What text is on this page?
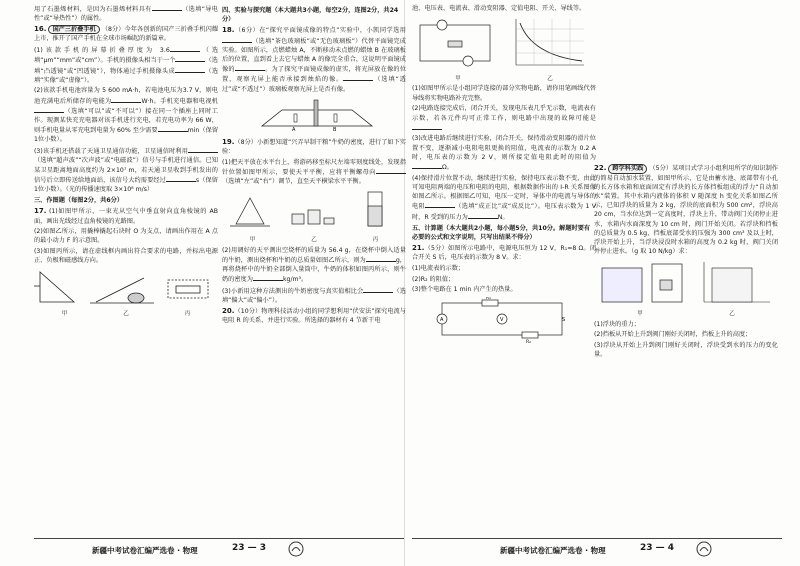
用了石墨烯材料，是因为石墨烯材料具有	（选填“导电性”或“导热性”）的属性。

16. 国产三折叠手机 （8分）今年各创新的国产三折叠手机闪耀上市，推开了国产手机在全球市场崛起的新篇章。

(1)该款手机的屏幕折叠厚度为 3.6	（选填“μm”“mm”或“cm”）。手机的摄像头相当于一个	（选填“凸透镜”或“凹透镜”），物体通过手机摄像头成	（选填“实像”或“虚像”）。

(2)该款手机电池容量为 5 600 mA·h，若电池电压为3.7 V，则电池充满电后所储存的电能为	W·h。手机充电器和电视机（选填“可以”或“不可以”）接在同一个插座上同时工作。现测某快充充电器对该手机进行充电，若充电功率为 66 W，则手机电量从零充电到电量为 60% 至少需要	min（保留1位小数）。

(3)该手机还搭载了天通卫星通信功能，卫星通信时利用（选填“超声波”“次声波”或“电磁波”）信号与手机进行通信。已知某卫星距离地面高度约为 2×10⁷ m，若天通卫星收到手机发出的信号后立即传送给地面站，该信号大约需要经过	s（保留1位小数）。（光的传播速度取 3×10⁸ m/s）

三、作图题（每图2分，共6分）

17. (1)如图甲所示，一束光从空气中垂直射向直角棱镜的 AB 面，画出光线经过直角棱镜的光路图。

(2)如图乙所示，用撬棒撬起石块时 O 为支点，请画出作用在 A 点的最小动力 F 的示意图。

(3)如图丙所示，请在虚线框内画出符合要求的电路，并标出电源正、负极和磁感线方向。

甲	乙	丙
四、实验与探究题（本大题共3小题，每空2分，连图2分，共24分）

18.（6分）在“探究平面镜成像的特点”实验中，小凯同学选用（选填“茶色玻璃板”或“无色玻璃板”）代替平面镜完成实验。如图所示，点燃蜡烛 A，不断移动未点燃的蜡烛 B 在玻璃板后的位置，直到看上去它与蜡烛 A 的像完全重合，这说明平面镜成像的	。为了探究平面镜成像的虚实，将光屏放在像的位置，观察光屏上能否承接到烛焰的像。	（选填“透过”或“不透过”）玻璃板观察光屏上是否有像。

A	B

19.（8分）小新想知道“兴弄早制干粮”牛奶的密度，进行了如下实验：

(1)把天平放在水平台上，将游码移至标尺左端零刻度线处，发现指针位置如图甲所示，要使天平平衡，应将平衡螺母向（选填“左”或“右”）调节，直至天平横梁水平平衡。

甲	乙	丙

(2)用调好的天平测出空烧杯的质量为 56.4 g，在烧杯中倒入适量的牛奶，测出烧杯和牛奶的总质量如图乙所示，则为	g，再将烧杯中的牛奶全部倒入量筒中，牛奶的体积如图丙所示，则牛奶的密度为	kg/m³。

(3)小新用这种方法测出的牛奶密度与真实值相比会	（选填“偏大”或“偏小”）。

20.（10分）物理科技活动小组的同学想利用“伏安法”探究电流与电阻 R 的关系，并进行实验。所选择的器材有 4 节新干电

池、电压表、电流表、滑动变阻器、定值电阻、开关、导线等。

甲	乙

(1)如图甲所示是小组同学连接的部分实物电路，请你用笔画线代替导线将实物电路补充完整。

(2)电路连接完成后，闭合开关，发现电压表几乎无示数，电流表有示数，若各元件均可正常工作，则电路中出现的故障可能是

(3)改进电路后继续进行实验，闭合开关，保持滑动变阻器的滑片位置不变，逐渐减小电阻电阻更换的阻值，电流表的示数为 0.2 A 时，电压表的示数为 2 V，则所接定值电阻此时的阻值为Ω。

(4)保持滑片位置不动，继续进行实验，保持电压表示数不变，由此可知电阻两端的电压和电阻的电阻，根据数据作出的 I-R 关系图像如图乙所示。根据图乙可知，电压一定时，导体中的电流与导体的电阻	（选填“成正比”或“成反比”）。电压表示数为 1 V 时，R 受到的压力为	N。

五、计算题（本大题共2小题，每小题5分，共10分。解题时要有必要的公式和文字说明，只写出结果不得分）

21.（5分）如图所示电路中，电源电压恒为 12 V，R₁=8 Ω。闭合开关 S 后，电压表的示数为 8 V。求：

(1)电流表的示数；

(2)R₂ 的阻值；

(3)整个电路在 1 min 内产生的热量。

A	V
R₁
R₂
S

22. 跨学科实践 （5分）某项目式学习小组利用所学的知识制作的简易自动加水装置，如图甲所示，它是由蓄水池、底部带有小孔的长方体水箱和底面固定有浮块的长方体挡板组成的浮力“自动加水”装置。其中水箱内液体的体积 V 随深度 h 变化关系如图乙所示，已知浮块的质量为 2 kg，浮块的底面积为 500 cm²，浮块高 20 cm，当水位达到一定高度时，浮块上升，带动阀门关闭停止进水，水箱内水面深度为 10 cm 时，阀门开始关闭。若浮块和挡板的总质量为 0.5 kg，挡板底部受水的压强为 300 cm³ 及以上时，浮块开始上升，当浮块浸没时水箱的高度为 0.2 kg 时，阀门关闭并停止进水。（g 取 10 N/kg）求：

甲	乙

(1)浮块的重力；

(2)挡板从开始上升到阀门刚好关闭时，挡板上升的高度；

(3)浮块从开始上升到阀门刚好关闭时，浮块受到水的压力的变化量。

新疆中考试卷汇编严选卷 · 物理	23 — 3	新疆中考试卷汇编严选卷 · 物理	23 — 4
